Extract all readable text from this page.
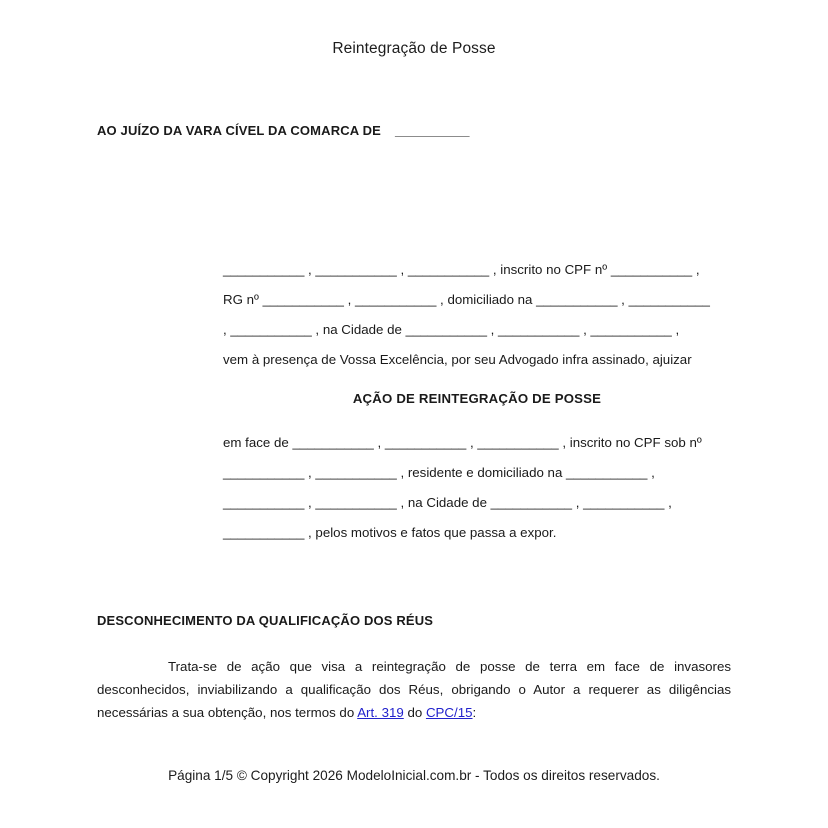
Reintegração de Posse
AO JUÍZO DA VARA CÍVEL DA COMARCA DE ___________

___________ , ___________ , ___________ , inscrito no CPF nº ___________ ,

RG nº ___________ , ___________ , domiciliado na ___________ , ___________

, ___________ , na Cidade de ___________ , ___________ , ___________ ,

vem à presença de Vossa Excelência, por seu Advogado infra assinado, ajuizar

AÇÃO DE REINTEGRAÇÃO DE POSSE

em face de ___________ , ___________ , ___________ , inscrito no CPF sob nº

___________ , ___________ , residente e domiciliado na ___________ ,

___________ , ___________ , na Cidade de ___________ , ___________ ,

___________ , pelos motivos e fatos que passa a expor.

DESCONHECIMENTO DA QUALIFICAÇÃO DOS RÉUS
Trata-se de ação que visa a reintegração de posse de terra em face de invasores desconhecidos, inviabilizando a qualificação dos Réus, obrigando o Autor a requerer as diligências necessárias a sua obtenção, nos termos do Art. 319 do CPC/15:
Página 1/5 © Copyright 2026 ModeloInicial.com.br - Todos os direitos reservados.
